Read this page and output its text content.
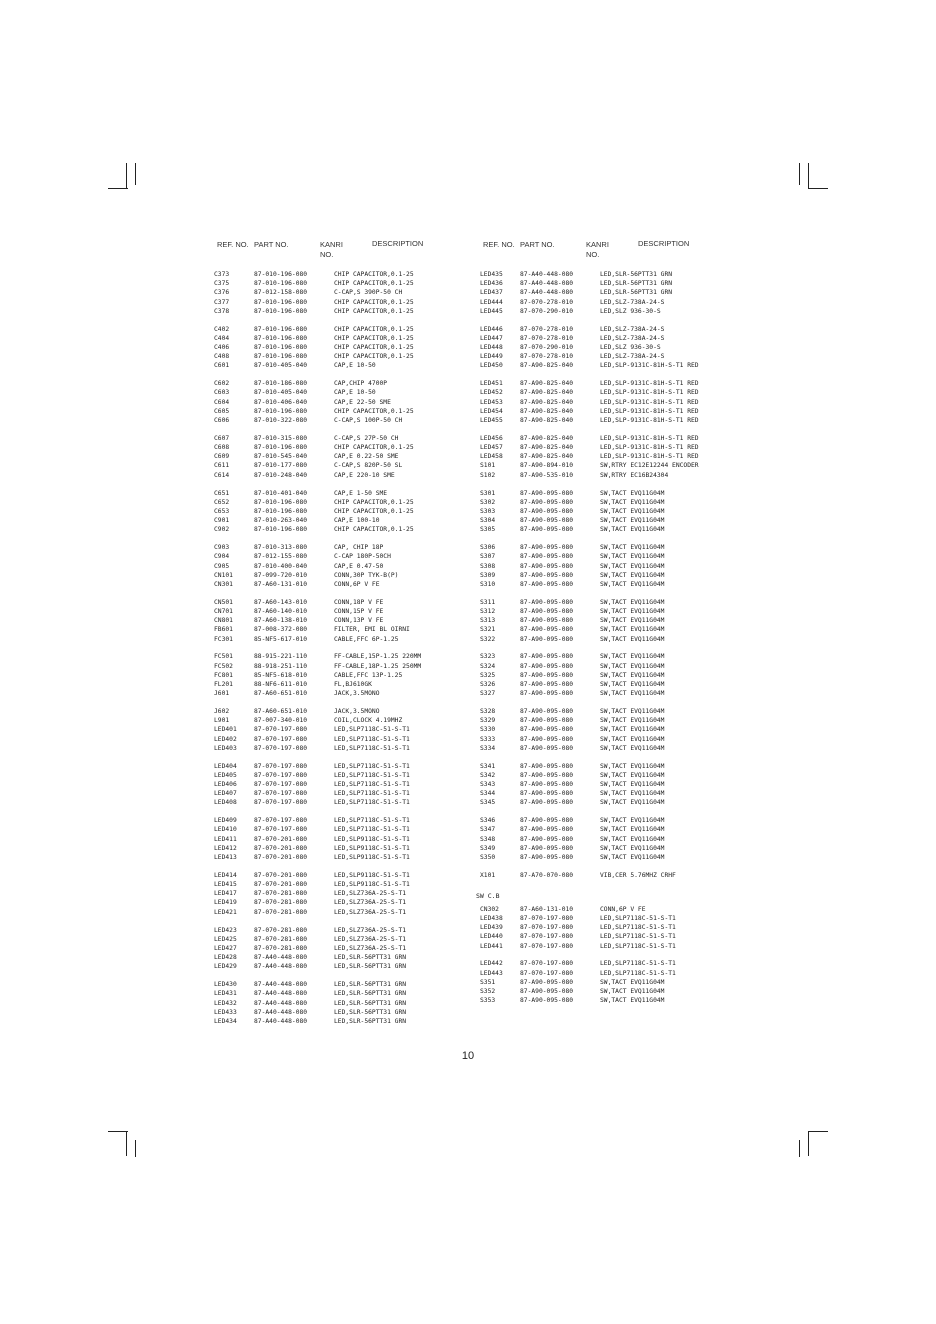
REF. NO. PART NO.	KANRI NO.
DESCRIPTION
C373	87-010-196-080	CHIP CAPACITOR,0.1-25
C375	87-010-196-080	CHIP CAPACITOR,0.1-25
C376	87-012-158-080	C-CAP,S 390P-50 CH
C377	87-010-196-080	CHIP CAPACITOR,0.1-25
C378	87-010-196-080	CHIP CAPACITOR,0.1-25
C402	87-010-196-080	CHIP CAPACITOR,0.1-25
C404	87-010-196-080	CHIP CAPACITOR,0.1-25
C406	87-010-196-080	CHIP CAPACITOR,0.1-25
C408	87-010-196-080	CHIP CAPACITOR,0.1-25
C601	87-010-405-040	CAP,E 10-50
C602	87-010-186-080	CAP,CHIP 4700P
C603	87-010-405-040	CAP,E 10-50
C604	87-010-406-040	CAP,E 22-50 SME
C605	87-010-196-080	CHIP CAPACITOR,0.1-25
C606	87-010-322-080	C-CAP,S 100P-50 CH
C607	87-010-315-080	C-CAP,S 27P-50 CH
C608	87-010-196-080	CHIP CAPACITOR,0.1-25
C609	87-010-545-040	CAP,E 0.22-50 SME
C611	87-010-177-080	C-CAP,S 820P-50 SL
C614	87-010-248-040	CAP,E 220-10 SME
C651	87-010-401-040	CAP,E 1-50 SME
C652	87-010-196-080	CHIP CAPACITOR,0.1-25
C653	87-010-196-080	CHIP CAPACITOR,0.1-25
C901	87-010-263-040	CAP,E 100-10
C902	87-010-196-080	CHIP CAPACITOR,0.1-25
C903	87-010-313-080	CAP, CHIP 18P
C904	87-012-155-080	C-CAP 180P-50CH
C905	87-010-400-040	CAP,E 0.47-50
CN101	87-099-720-010	CONN,30P TYK-B(P)
CN301	87-A60-131-010	CONN,6P V FE
CN501	87-A60-143-010	CONN,18P V FE
CN701	87-A60-140-010	CONN,15P V FE
CN801	87-A60-138-010	CONN,13P V FE
FB601	87-008-372-080	FILTER, EMI BL OIRNI
FC301	85-NF5-617-010	CABLE,FFC 6P-1.25
FC501	88-915-221-110	FF-CABLE,15P-1.25 220MM
FC502	88-918-251-110	FF-CABLE,18P-1.25 250MM
FC801	85-NF5-618-010	CABLE,FFC 13P-1.25
FL201	88-NF6-611-010	FL,BJ610GK
J601	87-A60-651-010	JACK,3.5MONO
J602	87-A60-651-010	JACK,3.5MONO
L901	87-007-340-010	COIL,CLOCK 4.19MHZ
LED401	87-070-197-080	LED,SLP7118C-51-S-T1
LED402	87-070-197-080	LED,SLP7118C-51-S-T1
LED403	87-070-197-080	LED,SLP7118C-51-S-T1
LED404	87-070-197-080	LED,SLP7118C-51-S-T1
LED405	87-070-197-080	LED,SLP7118C-51-S-T1
LED406	87-070-197-080	LED,SLP7118C-51-S-T1
LED407	87-070-197-080	LED,SLP7118C-51-S-T1
LED408	87-070-197-080	LED,SLP7118C-51-S-T1
LED409	87-070-197-080	LED,SLP7118C-51-S-T1
LED410	87-070-197-080	LED,SLP7118C-51-S-T1
LED411	87-070-201-080	LED,SLP9118C-51-S-T1
LED412	87-070-201-080	LED,SLP9118C-51-S-T1
LED413	87-070-201-080	LED,SLP9118C-51-S-T1
LED414	87-070-201-080	LED,SLP9118C-51-S-T1
LED415	87-070-201-080	LED,SLP9118C-51-S-T1
LED417	87-070-281-080	LED,SLZ736A-25-S-T1
LED419	87-070-281-080	LED,SLZ736A-25-S-T1
LED421	87-070-281-080	LED,SLZ736A-25-S-T1
LED423	87-070-281-080	LED,SLZ736A-25-S-T1
LED425	87-070-281-080	LED,SLZ736A-25-S-T1
LED427	87-070-281-080	LED,SLZ736A-25-S-T1
LED428	87-A40-448-080	LED,SLR-56PTT31 GRN
LED429	87-A40-448-080	LED,SLR-56PTT31 GRN
LED430	87-A40-448-080	LED,SLR-56PTT31 GRN
LED431	87-A40-448-080	LED,SLR-56PTT31 GRN
LED432	87-A40-448-080	LED,SLR-56PTT31 GRN
LED433	87-A40-448-080	LED,SLR-56PTT31 GRN
LED434	87-A40-448-080	LED,SLR-56PTT31 GRN
REF. NO. PART NO.	KANRI NO.
DESCRIPTION
LED435	87-A40-448-080	LED,SLR-56PTT31 GRN
LED436	87-A40-448-080	LED,SLR-56PTT31 GRN
LED437	87-A40-448-080	LED,SLR-56PTT31 GRN
LED444	87-070-278-010	LED,SLZ-738A-24-S
LED445	87-070-290-010	LED,SLZ 936-30-S
LED446	87-070-278-010	LED,SLZ-738A-24-S
LED447	87-070-278-010	LED,SLZ-738A-24-S
LED448	87-070-290-010	LED,SLZ 936-30-S
LED449	87-070-278-010	LED,SLZ-738A-24-S
LED450	87-A90-825-040	LED,SLP-9131C-81H-S-T1 RED
LED451	87-A90-825-040	LED,SLP-9131C-81H-S-T1 RED
LED452	87-A90-825-040	LED,SLP-9131C-81H-S-T1 RED
LED453	87-A90-825-040	LED,SLP-9131C-81H-S-T1 RED
LED454	87-A90-825-040	LED,SLP-9131C-81H-S-T1 RED
LED455	87-A90-825-040	LED,SLP-9131C-81H-S-T1 RED
LED456	87-A90-825-040	LED,SLP-9131C-81H-S-T1 RED
LED457	87-A90-825-040	LED,SLP-9131C-81H-S-T1 RED
LED458	87-A90-825-040	LED,SLP-9131C-81H-S-T1 RED
S101	87-A90-894-010	SW,RTRY EC12E12244 ENCODER
S102	87-A90-535-010	SW,RTRY EC16B24304
S301	87-A90-095-080	SW,TACT EVQ11G04M
S302	87-A90-095-080	SW,TACT EVQ11G04M
S303	87-A90-095-080	SW,TACT EVQ11G04M
S304	87-A90-095-080	SW,TACT EVQ11G04M
S305	87-A90-095-080	SW,TACT EVQ11G04M
S306	87-A90-095-080	SW,TACT EVQ11G04M
S307	87-A90-095-080	SW,TACT EVQ11G04M
S308	87-A90-095-080	SW,TACT EVQ11G04M
S309	87-A90-095-080	SW,TACT EVQ11G04M
S310	87-A90-095-080	SW,TACT EVQ11G04M
S311	87-A90-095-080	SW,TACT EVQ11G04M
S312	87-A90-095-080	SW,TACT EVQ11G04M
S313	87-A90-095-080	SW,TACT EVQ11G04M
S321	87-A90-095-080	SW,TACT EVQ11G04M
S322	87-A90-095-080	SW,TACT EVQ11G04M
S323	87-A90-095-080	SW,TACT EVQ11G04M
S324	87-A90-095-080	SW,TACT EVQ11G04M
S325	87-A90-095-080	SW,TACT EVQ11G04M
S326	87-A90-095-080	SW,TACT EVQ11G04M
S327	87-A90-095-080	SW,TACT EVQ11G04M
S328	87-A90-095-080	SW,TACT EVQ11G04M
S329	87-A90-095-080	SW,TACT EVQ11G04M
S330	87-A90-095-080	SW,TACT EVQ11G04M
S333	87-A90-095-080	SW,TACT EVQ11G04M
S334	87-A90-095-080	SW,TACT EVQ11G04M
S341	87-A90-095-080	SW,TACT EVQ11G04M
S342	87-A90-095-080	SW,TACT EVQ11G04M
S343	87-A90-095-080	SW,TACT EVQ11G04M
S344	87-A90-095-080	SW,TACT EVQ11G04M
S345	87-A90-095-080	SW,TACT EVQ11G04M
S346	87-A90-095-080	SW,TACT EVQ11G04M
S347	87-A90-095-080	SW,TACT EVQ11G04M
S348	87-A90-095-080	SW,TACT EVQ11G04M
S349	87-A90-095-080	SW,TACT EVQ11G04M
S350	87-A90-095-080	SW,TACT EVQ11G04M
X101	87-A70-070-080	VIB,CER 5.76MHZ CRHF
SW C.B
CN302	87-A60-131-010	CONN,6P V FE
LED438	87-070-197-080	LED,SLP7118C-51-S-T1
LED439	87-070-197-080	LED,SLP7118C-51-S-T1
LED440	87-070-197-080	LED,SLP7118C-51-S-T1
LED441	87-070-197-080	LED,SLP7118C-51-S-T1
LED442	87-070-197-080	LED,SLP7118C-51-S-T1
LED443	87-070-197-080	LED,SLP7118C-51-S-T1
S351	87-A90-095-080	SW,TACT EVQ11G04M
S352	87-A90-095-080	SW,TACT EVQ11G04M
S353	87-A90-095-080	SW,TACT EVQ11G04M
10
